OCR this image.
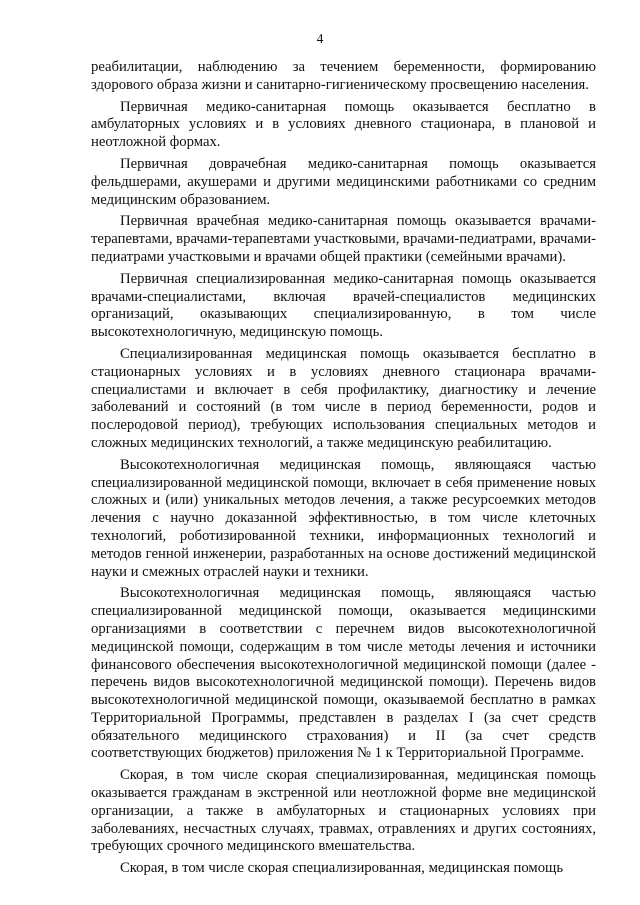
4

реабилитации, наблюдению за течением беременности, формированию здорового образа жизни и санитарно-гигиеническому просвещению населения.

Первичная медико-санитарная помощь оказывается бесплатно в амбулаторных условиях и в условиях дневного стационара, в плановой и неотложной формах.

Первичная доврачебная медико-санитарная помощь оказывается фельдшерами, акушерами и другими медицинскими работниками со средним медицинским образованием.

Первичная врачебная медико-санитарная помощь оказывается врачами-терапевтами, врачами-терапевтами участковыми, врачами-педиатрами, врачами-педиатрами участковыми и врачами общей практики (семейными врачами).

Первичная специализированная медико-санитарная помощь оказывается врачами-специалистами, включая врачей-специалистов медицинских организаций, оказывающих специализированную, в том числе высокотехнологичную, медицинскую помощь.

Специализированная медицинская помощь оказывается бесплатно в стационарных условиях и в условиях дневного стационара врачами-специалистами и включает в себя профилактику, диагностику и лечение заболеваний и состояний (в том числе в период беременности, родов и послеродовой период), требующих использования специальных методов и сложных медицинских технологий, а также медицинскую реабилитацию.

Высокотехнологичная медицинская помощь, являющаяся частью специализированной медицинской помощи, включает в себя применение новых сложных и (или) уникальных методов лечения, а также ресурсоемких методов лечения с научно доказанной эффективностью, в том числе клеточных технологий, роботизированной техники, информационных технологий и методов генной инженерии, разработанных на основе достижений медицинской науки и смежных отраслей науки и техники.

Высокотехнологичная медицинская помощь, являющаяся частью специализированной медицинской помощи, оказывается медицинскими организациями в соответствии с перечнем видов высокотехнологичной медицинской помощи, содержащим в том числе методы лечения и источники финансового обеспечения высокотехнологичной медицинской помощи (далее - перечень видов высокотехнологичной медицинской помощи). Перечень видов высокотехнологичной медицинской помощи, оказываемой бесплатно в рамках Территориальной Программы, представлен в разделах I (за счет средств обязательного медицинского страхования) и II (за счет средств соответствующих бюджетов) приложения № 1 к Территориальной Программе.

Скорая, в том числе скорая специализированная, медицинская помощь оказывается гражданам в экстренной или неотложной форме вне медицинской организации, а также в амбулаторных и стационарных условиях при заболеваниях, несчастных случаях, травмах, отравлениях и других состояниях, требующих срочного медицинского вмешательства.

Скорая, в том числе скорая специализированная, медицинская помощь
